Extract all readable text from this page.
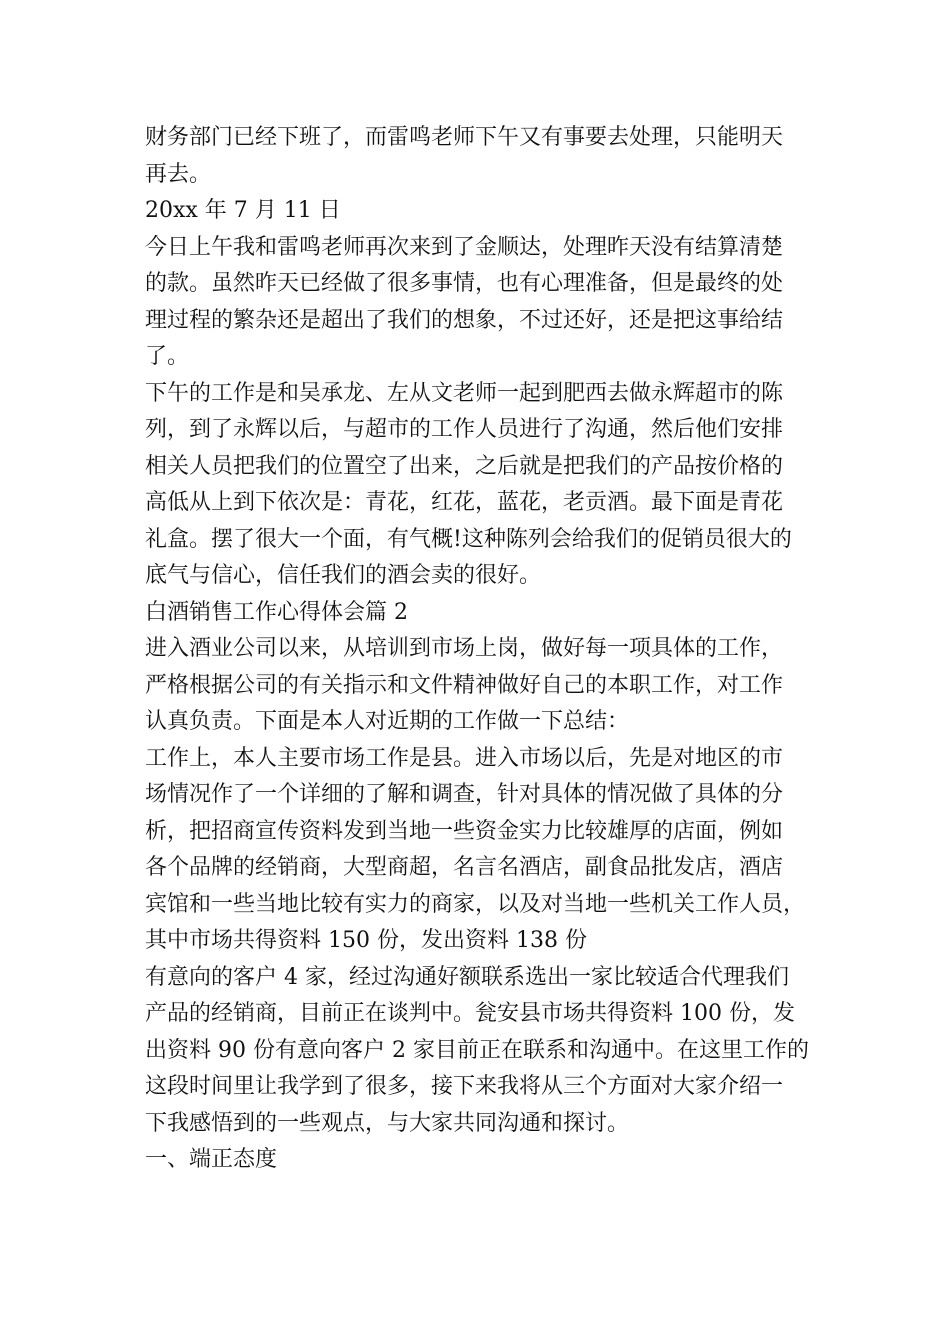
财务部门已经下班了，而雷鸣老师下午又有事要去处理，只能明天
再去。
20xx 年 7 月 11 日
今日上午我和雷鸣老师再次来到了金顺达，处理昨天没有结算清楚
的款。虽然昨天已经做了很多事情，也有心理准备，但是最终的处
理过程的繁杂还是超出了我们的想象，不过还好，还是把这事给结
了。
下午的工作是和吴承龙、左从文老师一起到肥西去做永辉超市的陈
列，到了永辉以后，与超市的工作人员进行了沟通，然后他们安排
相关人员把我们的位置空了出来，之后就是把我们的产品按价格的
高低从上到下依次是：青花，红花，蓝花，老贡酒。最下面是青花
礼盒。摆了很大一个面，有气概!这种陈列会给我们的促销员很大的
底气与信心，信任我们的酒会卖的很好。
白酒销售工作心得体会篇 2
进入酒业公司以来，从培训到市场上岗，做好每一项具体的工作，
严格根据公司的有关指示和文件精神做好自己的本职工作，对工作
认真负责。下面是本人对近期的工作做一下总结：
工作上，本人主要市场工作是县。进入市场以后，先是对地区的市
场情况作了一个详细的了解和调查，针对具体的情况做了具体的分
析，把招商宣传资料发到当地一些资金实力比较雄厚的店面，例如
各个品牌的经销商，大型商超，名言名酒店，副食品批发店，酒店
宾馆和一些当地比较有实力的商家，以及对当地一些机关工作人员，
其中市场共得资料 150 份，发出资料 138 份
有意向的客户 4 家，经过沟通好额联系选出一家比较适合代理我们
产品的经销商，目前正在谈判中。瓮安县市场共得资料 100 份，发
出资料 90 份有意向客户 2 家目前正在联系和沟通中。在这里工作的
这段时间里让我学到了很多，接下来我将从三个方面对大家介绍一
下我感悟到的一些观点，与大家共同沟通和探讨。
一、端正态度
